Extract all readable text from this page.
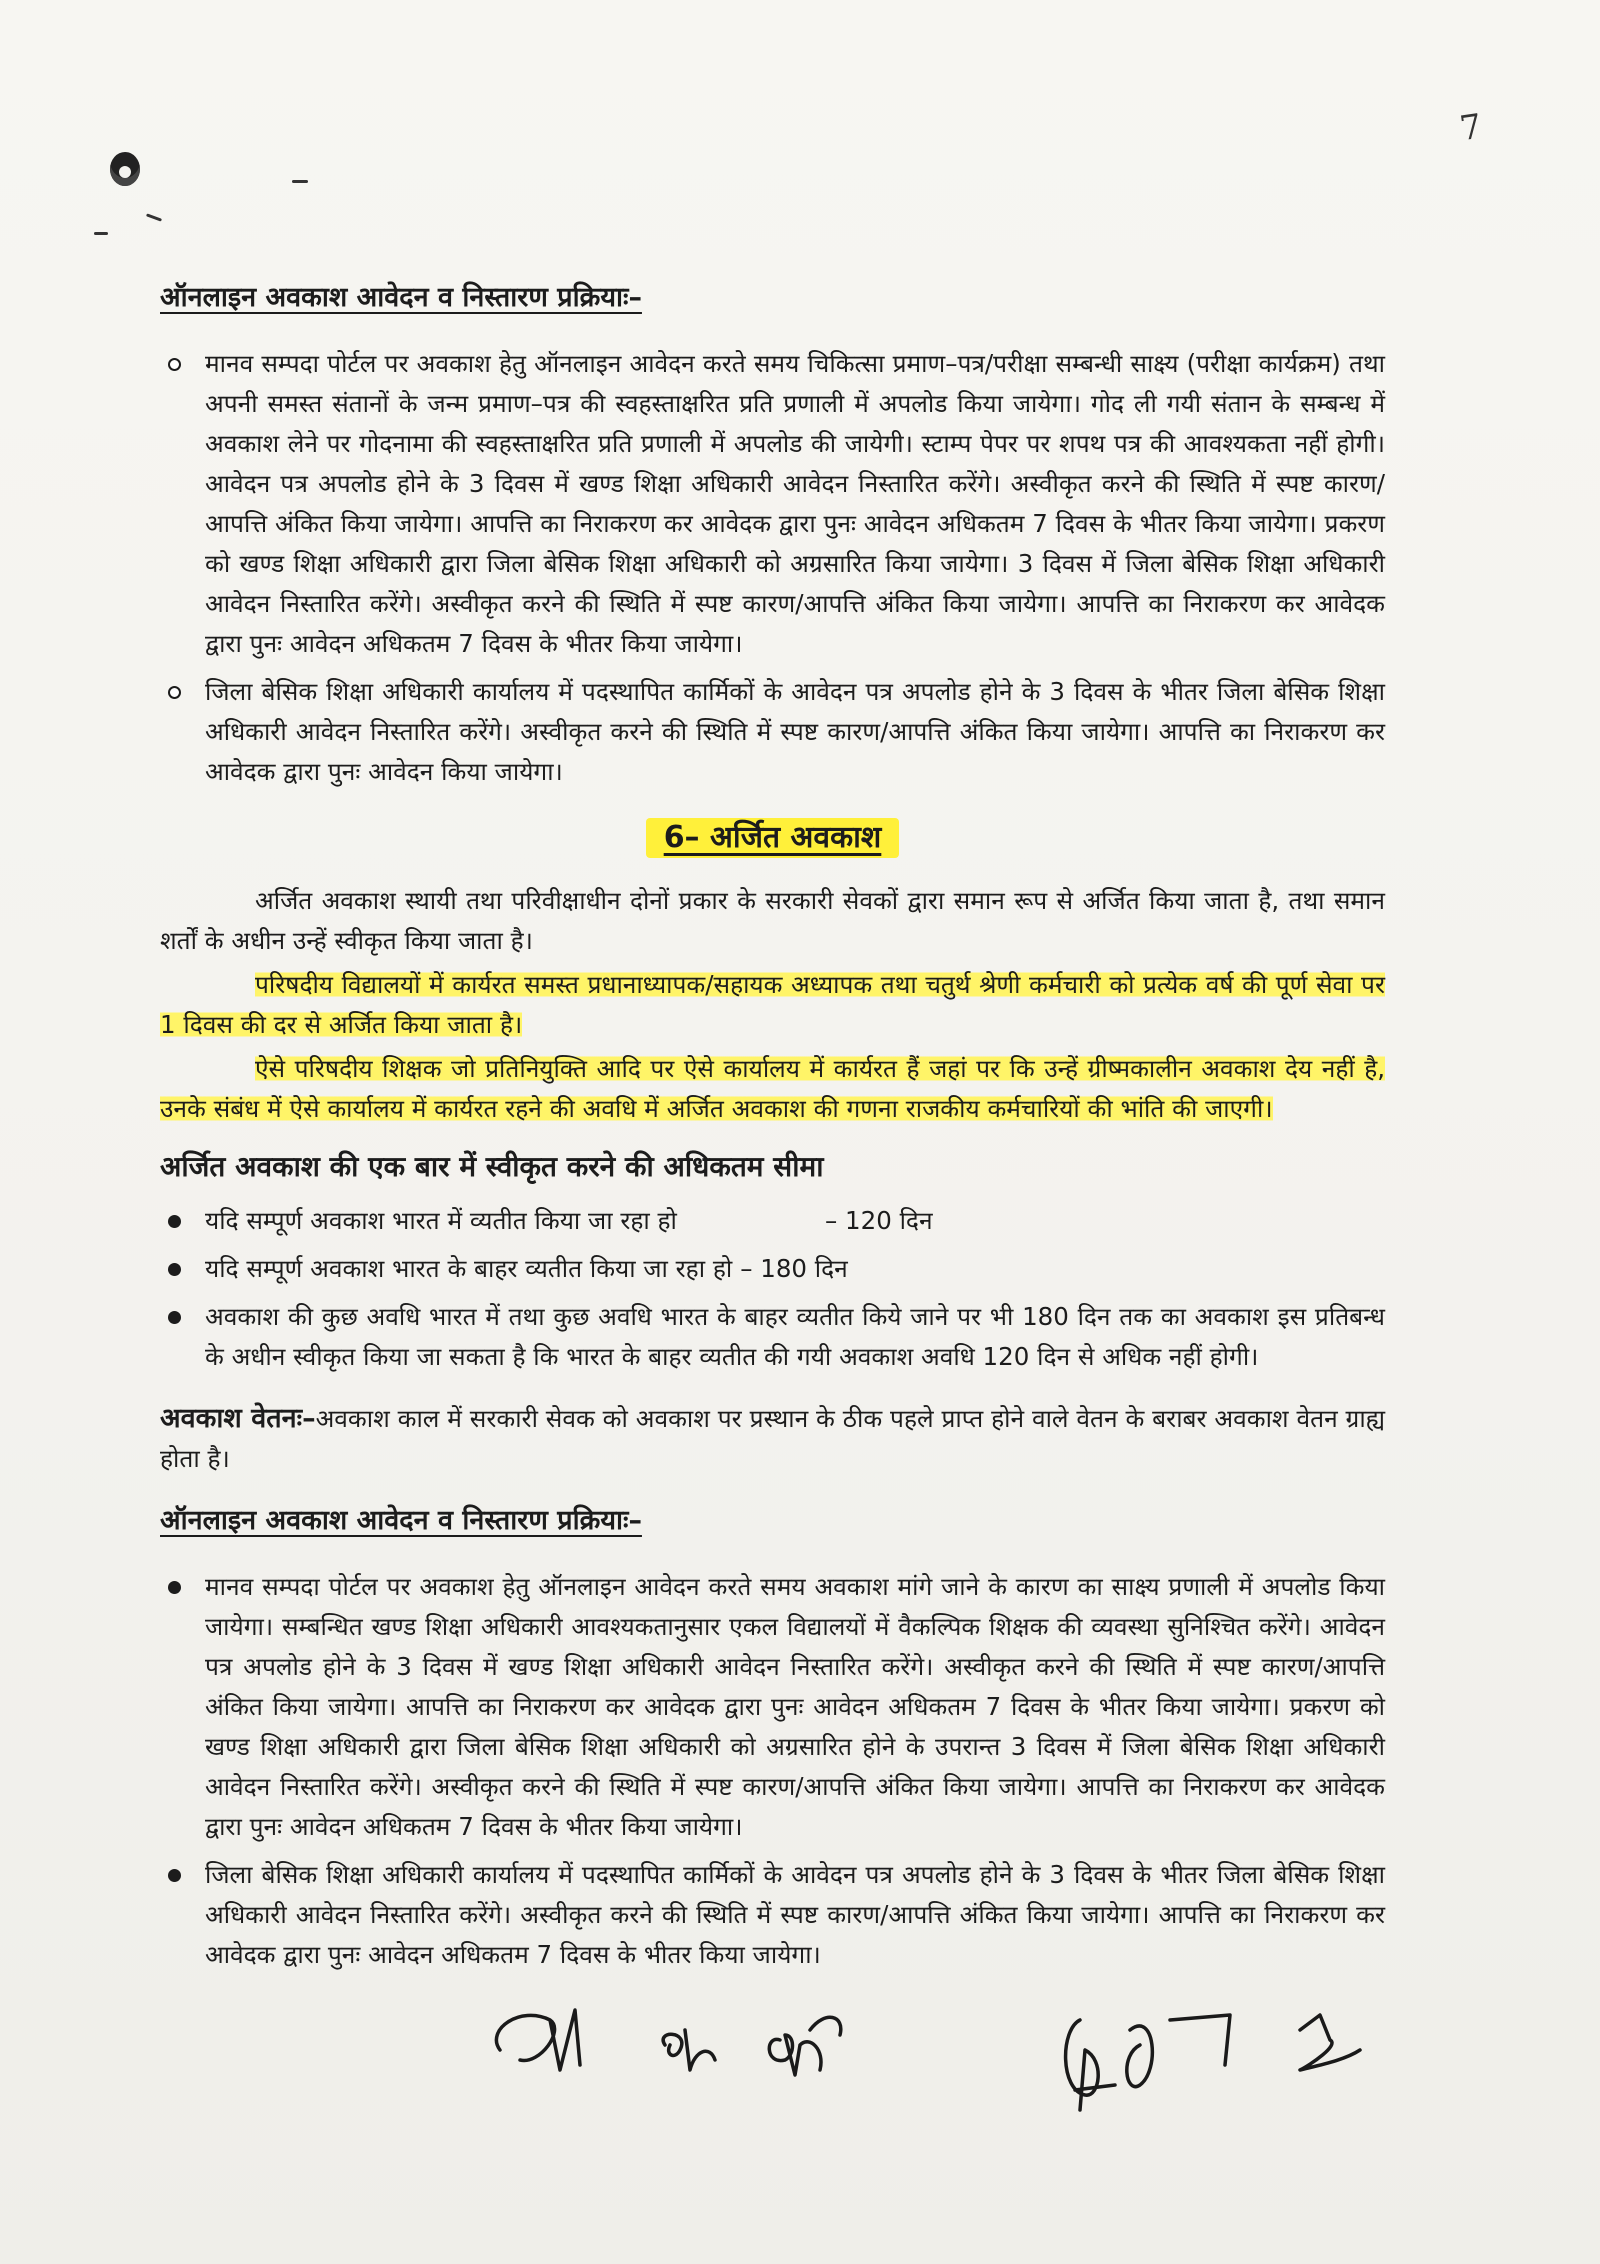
7
ऑनलाइन अवकाश आवेदन व निस्तारण प्रक्रियाः–
मानव सम्पदा पोर्टल पर अवकाश हेतु ऑनलाइन आवेदन करते समय चिकित्सा प्रमाण–पत्र/परीक्षा सम्बन्धी साक्ष्य (परीक्षा कार्यक्रम) तथा अपनी समस्त संतानों के जन्म प्रमाण–पत्र की स्वहस्ताक्षरित प्रति प्रणाली में अपलोड किया जायेगा। गोद ली गयी संतान के सम्बन्ध में अवकाश लेने पर गोदनामा की स्वहस्ताक्षरित प्रति प्रणाली में अपलोड की जायेगी। स्टाम्प पेपर पर शपथ पत्र की आवश्यकता नहीं होगी। आवेदन पत्र अपलोड होने के 3 दिवस में खण्ड शिक्षा अधिकारी आवेदन निस्तारित करेंगे। अस्वीकृत करने की स्थिति में स्पष्ट कारण/आपत्ति अंकित किया जायेगा। आपत्ति का निराकरण कर आवेदक द्वारा पुनः आवेदन अधिकतम 7 दिवस के भीतर किया जायेगा। प्रकरण को खण्ड शिक्षा अधिकारी द्वारा जिला बेसिक शिक्षा अधिकारी को अग्रसारित किया जायेगा। 3 दिवस में जिला बेसिक शिक्षा अधिकारी आवेदन निस्तारित करेंगे। अस्वीकृत करने की स्थिति में स्पष्ट कारण/आपत्ति अंकित किया जायेगा। आपत्ति का निराकरण कर आवेदक द्वारा पुनः आवेदन अधिकतम 7 दिवस के भीतर किया जायेगा।
जिला बेसिक शिक्षा अधिकारी कार्यालय में पदस्थापित कार्मिकों के आवेदन पत्र अपलोड होने के 3 दिवस के भीतर जिला बेसिक शिक्षा अधिकारी आवेदन निस्तारित करेंगे। अस्वीकृत करने की स्थिति में स्पष्ट कारण/आपत्ति अंकित किया जायेगा। आपत्ति का निराकरण कर आवेदक द्वारा पुनः आवेदन किया जायेगा।
6– अर्जित अवकाश

अर्जित अवकाश स्थायी तथा परिवीक्षाधीन दोनों प्रकार के सरकारी सेवकों द्वारा समान रूप से अर्जित किया जाता है, तथा समान शर्तों के अधीन उन्हें स्वीकृत किया जाता है।

परिषदीय विद्यालयों में कार्यरत समस्त प्रधानाध्यापक/सहायक अध्यापक तथा चतुर्थ श्रेणी कर्मचारी को प्रत्येक वर्ष की पूर्ण सेवा पर 1 दिवस की दर से अर्जित किया जाता है।

ऐसे परिषदीय शिक्षक जो प्रतिनियुक्ति आदि पर ऐसे कार्यालय में कार्यरत हैं जहां पर कि उन्हें ग्रीष्मकालीन अवकाश देय नहीं है, उनके संबंध में ऐसे कार्यालय में कार्यरत रहने की अवधि में अर्जित अवकाश की गणना राजकीय कर्मचारियों की भांति की जाएगी।

अर्जित अवकाश की एक बार में स्वीकृत करने की अधिकतम सीमा
यदि सम्पूर्ण अवकाश भारत में व्यतीत किया जा रहा हो	– 120 दिन
यदि सम्पूर्ण अवकाश भारत के बाहर व्यतीत किया जा रहा हो – 180 दिन
अवकाश की कुछ अवधि भारत में तथा कुछ अवधि भारत के बाहर व्यतीत किये जाने पर भी 180 दिन तक का अवकाश इस प्रतिबन्ध के अधीन स्वीकृत किया जा सकता है कि भारत के बाहर व्यतीत की गयी अवकाश अवधि 120 दिन से अधिक नहीं होगी।

अवकाश वेतनः–अवकाश काल में सरकारी सेवक को अवकाश पर प्रस्थान के ठीक पहले प्राप्त होने वाले वेतन के बराबर अवकाश वेतन ग्राह्य होता है।

ऑनलाइन अवकाश आवेदन व निस्तारण प्रक्रियाः–
मानव सम्पदा पोर्टल पर अवकाश हेतु ऑनलाइन आवेदन करते समय अवकाश मांगे जाने के कारण का साक्ष्य प्रणाली में अपलोड किया जायेगा। सम्बन्धित खण्ड शिक्षा अधिकारी आवश्यकतानुसार एकल विद्यालयों में वैकल्पिक शिक्षक की व्यवस्था सुनिश्चित करेंगे। आवेदन पत्र अपलोड होने के 3 दिवस में खण्ड शिक्षा अधिकारी आवेदन निस्तारित करेंगे। अस्वीकृत करने की स्थिति में स्पष्ट कारण/आपत्ति अंकित किया जायेगा। आपत्ति का निराकरण कर आवेदक द्वारा पुनः आवेदन अधिकतम 7 दिवस के भीतर किया जायेगा। प्रकरण को खण्ड शिक्षा अधिकारी द्वारा जिला बेसिक शिक्षा अधिकारी को अग्रसारित होने के उपरान्त 3 दिवस में जिला बेसिक शिक्षा अधिकारी आवेदन निस्तारित करेंगे। अस्वीकृत करने की स्थिति में स्पष्ट कारण/आपत्ति अंकित किया जायेगा। आपत्ति का निराकरण कर आवेदक द्वारा पुनः आवेदन अधिकतम 7 दिवस के भीतर किया जायेगा।
जिला बेसिक शिक्षा अधिकारी कार्यालय में पदस्थापित कार्मिकों के आवेदन पत्र अपलोड होने के 3 दिवस के भीतर जिला बेसिक शिक्षा अधिकारी आवेदन निस्तारित करेंगे। अस्वीकृत करने की स्थिति में स्पष्ट कारण/आपत्ति अंकित किया जायेगा। आपत्ति का निराकरण कर आवेदक द्वारा पुनः आवेदन अधिकतम 7 दिवस के भीतर किया जायेगा।
